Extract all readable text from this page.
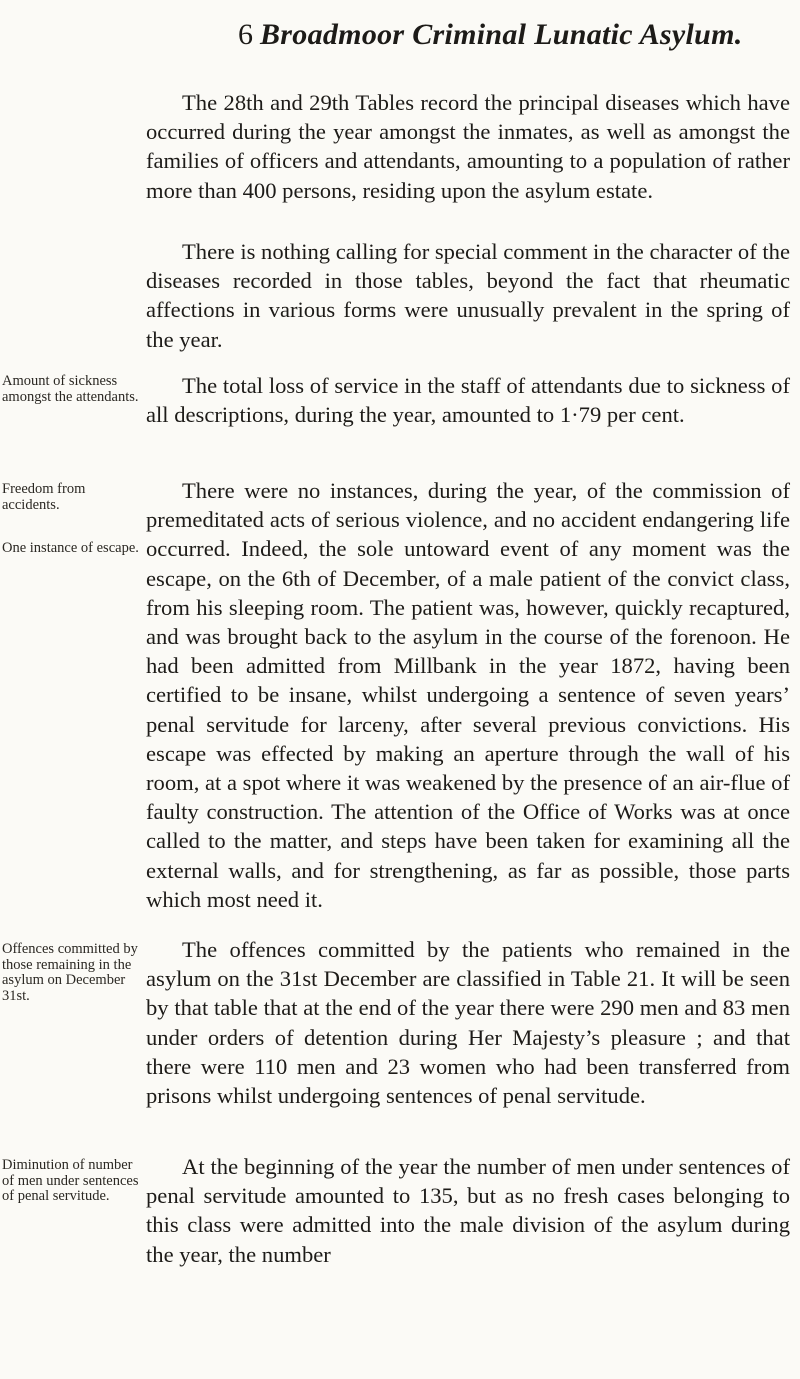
6 Broadmoor Criminal Lunatic Asylum.

The 28th and 29th Tables record the principal diseases which have occurred during the year amongst the inmates, as well as amongst the families of officers and attendants, amounting to a population of rather more than 400 persons, residing upon the asylum estate.

There is nothing calling for special comment in the character of the diseases recorded in those tables, beyond the fact that rheumatic affections in various forms were unusually prevalent in the spring of the year.

The total loss of service in the staff of attendants due to sickness of all descriptions, during the year, amounted to 1·79 per cent.

There were no instances, during the year, of the commission of premeditated acts of serious violence, and no accident endangering life occurred. Indeed, the sole untoward event of any moment was the escape, on the 6th of December, of a male patient of the convict class, from his sleeping room. The patient was, however, quickly recaptured, and was brought back to the asylum in the course of the forenoon. He had been admitted from Millbank in the year 1872, having been certified to be insane, whilst undergoing a sentence of seven years’ penal servitude for larceny, after several previous convictions. His escape was effected by making an aperture through the wall of his room, at a spot where it was weakened by the presence of an air-flue of faulty construction. The attention of the Office of Works was at once called to the matter, and steps have been taken for examining all the external walls, and for strengthening, as far as possible, those parts which most need it.

The offences committed by the patients who remained in the asylum on the 31st December are classified in Table 21. It will be seen by that table that at the end of the year there were 290 men and 83 men under orders of detention during Her Majesty’s pleasure ; and that there were 110 men and 23 women who had been transferred from prisons whilst undergoing sentences of penal servitude.

At the beginning of the year the number of men under sentences of penal servitude amounted to 135, but as no fresh cases belonging to this class were admitted into the male division of the asylum during the year, the number

Amount of sickness amongst the attendants.
Freedom from accidents.
One instance of escape.
Offences committed by those remaining in the asylum on December 31st.
Diminution of number of men under sentences of penal servitude.
